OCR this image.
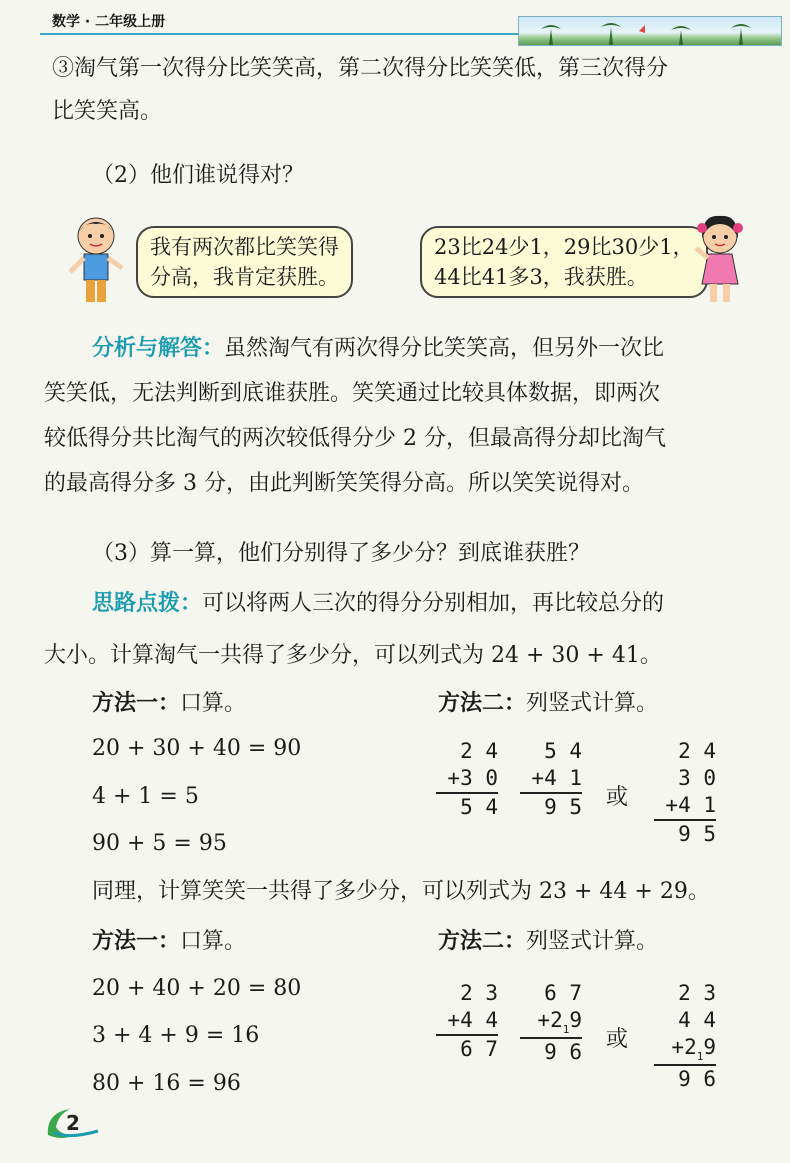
数学 · 二年级上册
③淘气第一次得分比笑笑高，第二次得分比笑笑低，第三次得分
比笑笑高。
（2）他们谁说得对？
我有两次都比笑笑得
分高，我肯定获胜。
23比24少1，29比30少1，
44比41多3，我获胜。
分析与解答：虽然淘气有两次得分比笑笑高，但另外一次比
笑笑低，无法判断到底谁获胜。笑笑通过比较具体数据，即两次
较低得分共比淘气的两次较低得分少 2 分，但最高得分却比淘气
的最高得分多 3 分，由此判断笑笑得分高。所以笑笑说得对。
（3）算一算，他们分别得了多少分？到底谁获胜？
思路点拨：可以将两人三次的得分分别相加，再比较总分的
大小。计算淘气一共得了多少分，可以列式为 24 + 30 + 41。
方法一：口算。	方法二：列竖式计算。
20 + 30 + 40 = 90
4 + 1 = 5
90 + 5 = 95
2 4
+3 0
5 4
5 4
+4 1
9 5 或
2 4
3 0
+4 1
9 5
同理，计算笑笑一共得了多少分，可以列式为 23 + 44 + 29。
方法一：口算。	方法二：列竖式计算。
20 + 40 + 20 = 80
3 + 4 + 9 = 16
80 + 16 = 96
2 3
+4 4
6 7
6 7
$+2_19$
9 6 或
2 3
4 4
$+2_19$
9 6
2
